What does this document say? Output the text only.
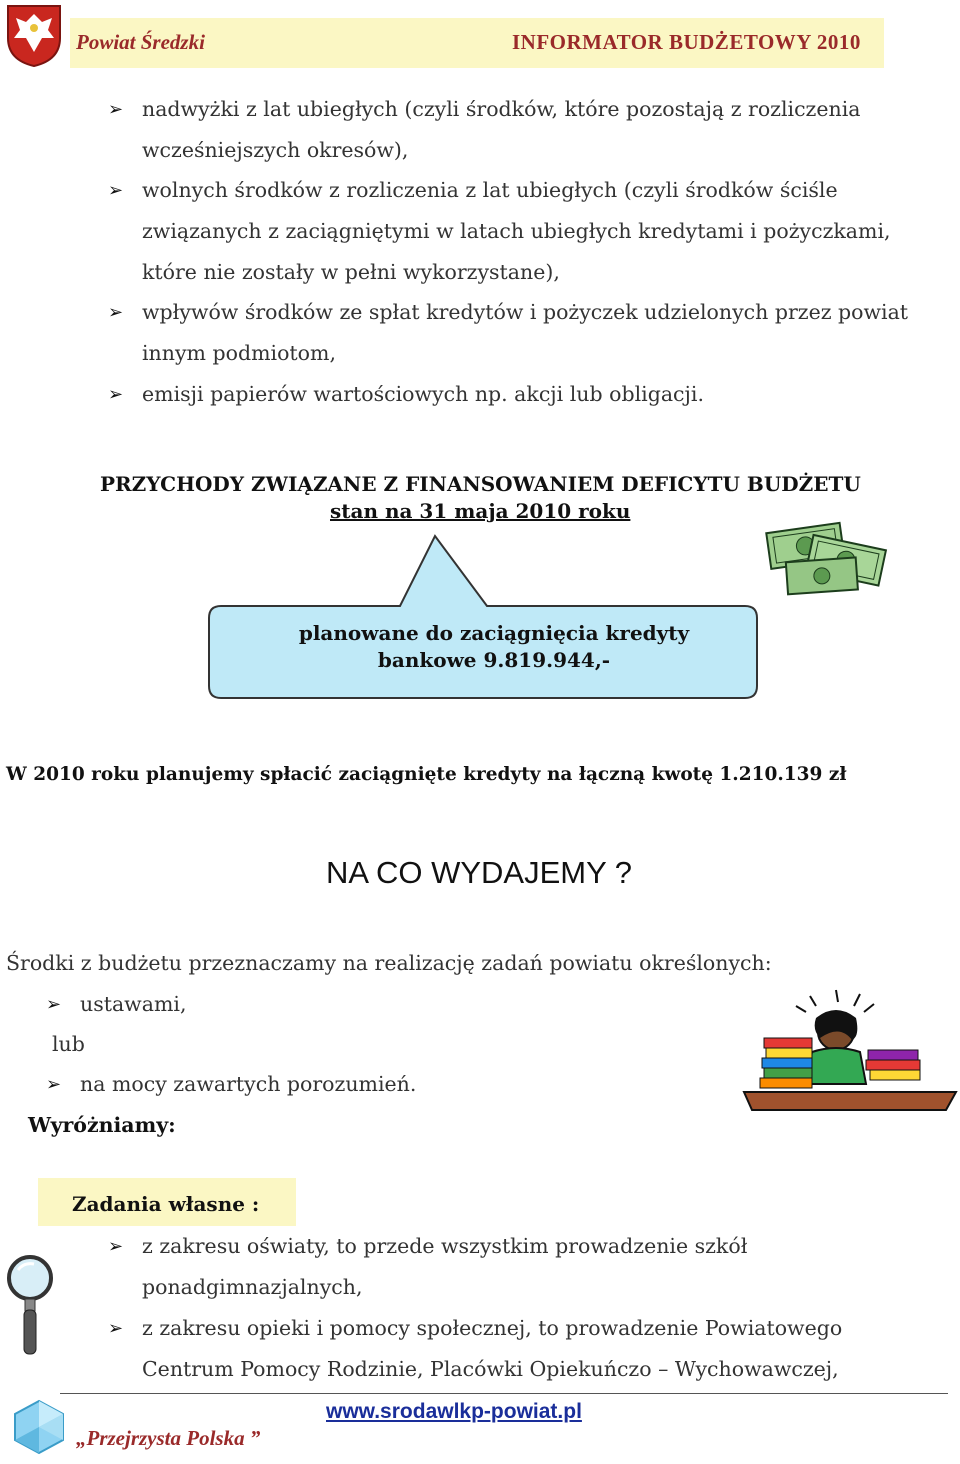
Powiat Średzki	INFORMATOR BUDŻETOWY 2010
➢ nadwyżki z lat ubiegłych (czyli środków, które pozostają z rozliczenia
wcześniejszych okresów),
➢ wolnych środków z rozliczenia z lat ubiegłych (czyli środków ściśle
związanych z zaciągniętymi w latach ubiegłych kredytami i pożyczkami,
które nie zostały w pełni wykorzystane),
➢ wpływów środków ze spłat kredytów i pożyczek udzielonych przez powiat
innym podmiotom,
➢ emisji papierów wartościowych np. akcji lub obligacji.
PRZYCHODY ZWIĄZANE Z FINANSOWANIEM DEFICYTU BUDŻETU
stan na 31 maja 2010 roku
planowane do zaciągnięcia kredyty
bankowe 9.819.944,-
W 2010 roku planujemy spłacić zaciągnięte kredyty na łączną kwotę 1.210.139 zł
NA CO WYDAJEMY ?
Środki z budżetu przeznaczamy na realizację zadań powiatu określonych:
➢ ustawami,
lub
➢ na mocy zawartych porozumień.
Wyróżniamy:
Zadania własne :
➢ z zakresu oświaty, to przede wszystkim prowadzenie szkół
ponadgimnazjalnych,
➢ z zakresu opieki i pomocy społecznej, to prowadzenie Powiatowego
Centrum Pomocy Rodzinie, Placówki Opiekuńczo – Wychowawczej,
www.srodawlkp-powiat.pl
„Przejrzysta Polska ”
